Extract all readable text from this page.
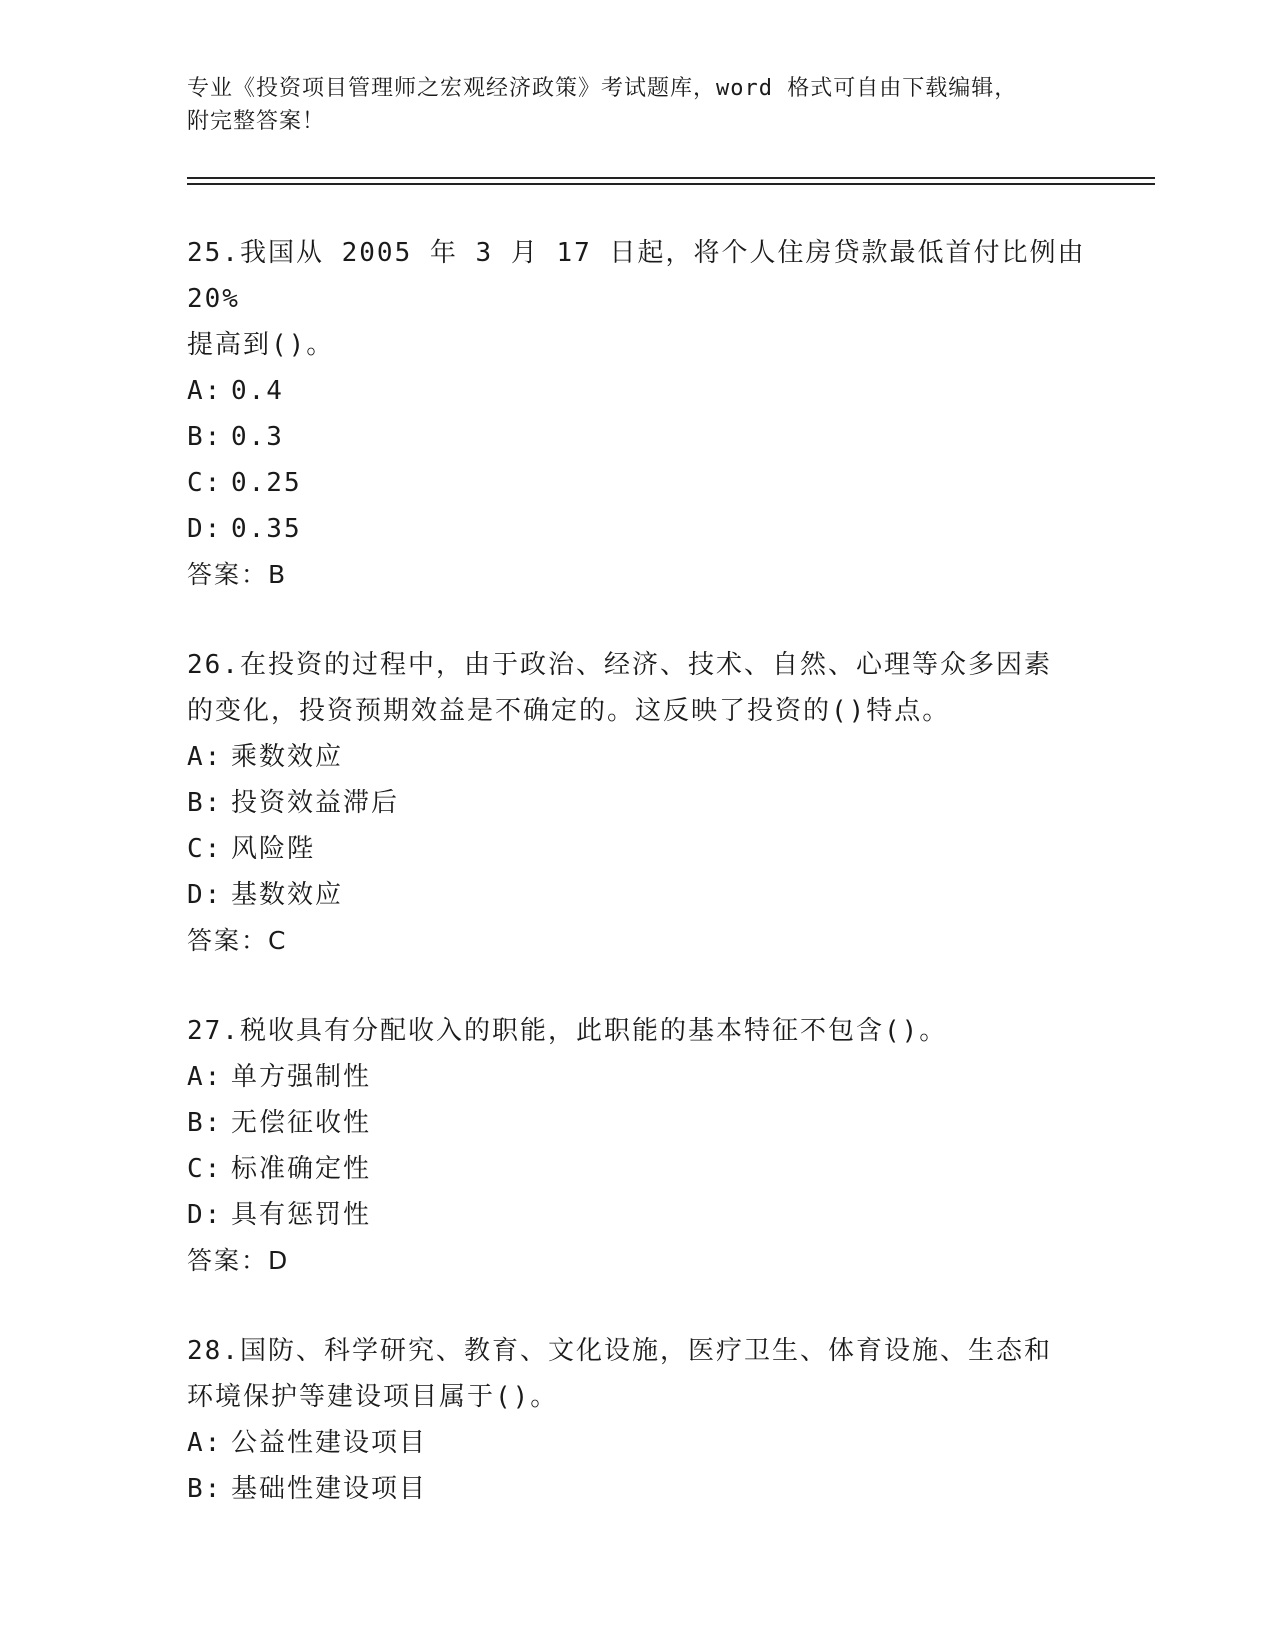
专业《投资项目管理师之宏观经济政策》考试题库，word 格式可自由下载编辑，
附完整答案！
25.我国从 2005 年 3 月 17 日起，将个人住房贷款最低首付比例由 20%
提高到()。
A: 0.4
B: 0.3
C: 0.25
D: 0.35
答案：B
26.在投资的过程中，由于政治、经济、技术、自然、心理等众多因素
的变化，投资预期效益是不确定的。这反映了投资的()特点。
A: 乘数效应
B: 投资效益滞后
C: 风险陛
D: 基数效应
答案：C
27.税收具有分配收入的职能，此职能的基本特征不包含()。
A: 单方强制性
B: 无偿征收性
C: 标准确定性
D: 具有惩罚性
答案：D
28.国防、科学研究、教育、文化设施，医疗卫生、体育设施、生态和
环境保护等建设项目属于()。
A: 公益性建设项目
B: 基础性建设项目
